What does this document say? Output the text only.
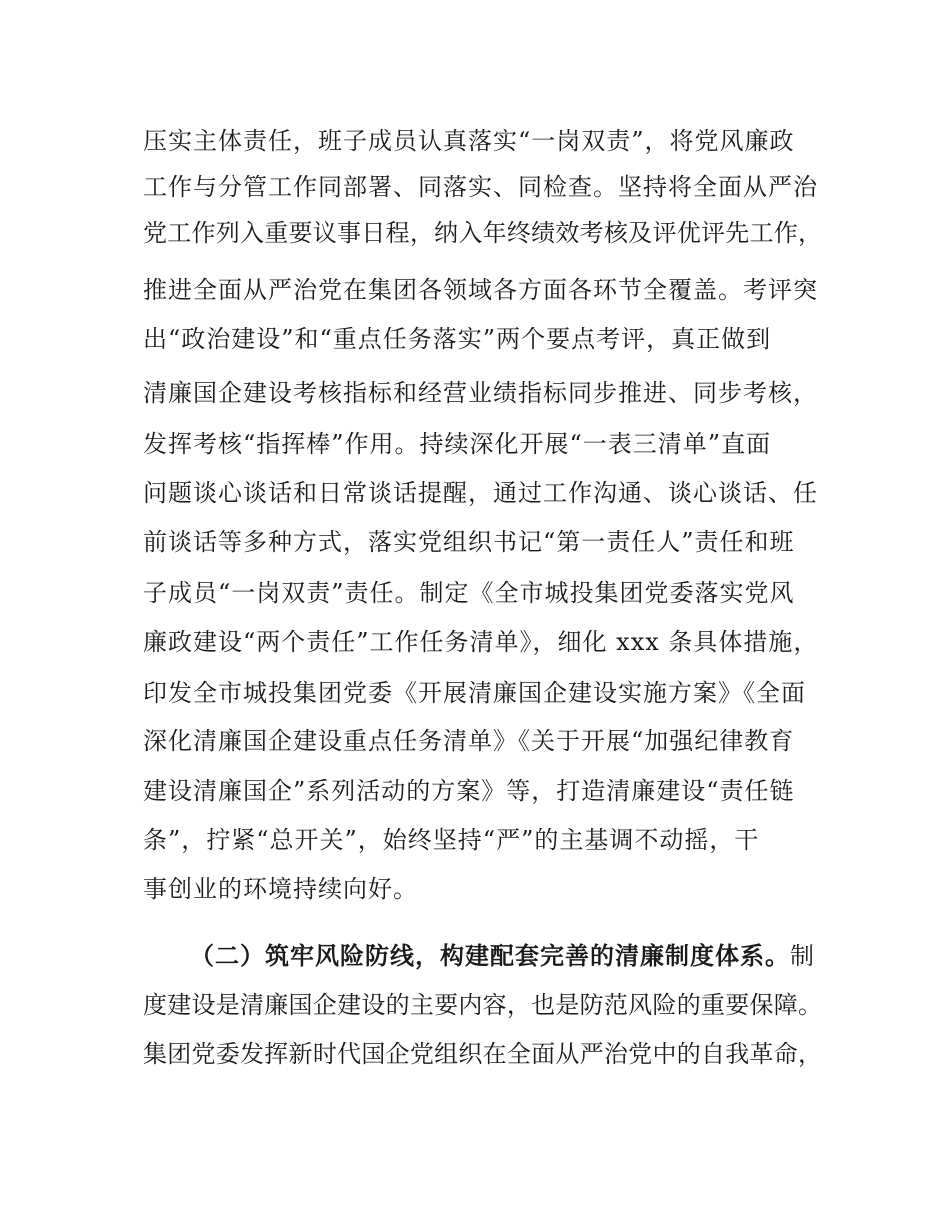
压实主体责任，班子成员认真落实“一岗双责”，将党风廉政
工作与分管工作同部署、同落实、同检查。坚持将全面从严治
党工作列入重要议事日程，纳入年终绩效考核及评优评先工作，
推进全面从严治党在集团各领域各方面各环节全覆盖。考评突
出“政治建设”和“重点任务落实”两个要点考评，真正做到
清廉国企建设考核指标和经营业绩指标同步推进、同步考核，
发挥考核“指挥棒”作用。持续深化开展“一表三清单”直面
问题谈心谈话和日常谈话提醒，通过工作沟通、谈心谈话、任
前谈话等多种方式，落实党组织书记“第一责任人”责任和班
子成员“一岗双责”责任。制定《全市城投集团党委落实党风
廉政建设“两个责任”工作任务清单》，细化 xxx 条具体措施，
印发全市城投集团党委《开展清廉国企建设实施方案》《全面
深化清廉国企建设重点任务清单》《关于开展“加强纪律教育
建设清廉国企”系列活动的方案》等，打造清廉建设“责任链
条”，拧紧“总开关”，始终坚持“严”的主基调不动摇，干
事创业的环境持续向好。
（二）筑牢风险防线，构建配套完善的清廉制度体系。制
度建设是清廉国企建设的主要内容，也是防范风险的重要保障。
集团党委发挥新时代国企党组织在全面从严治党中的自我革命，
